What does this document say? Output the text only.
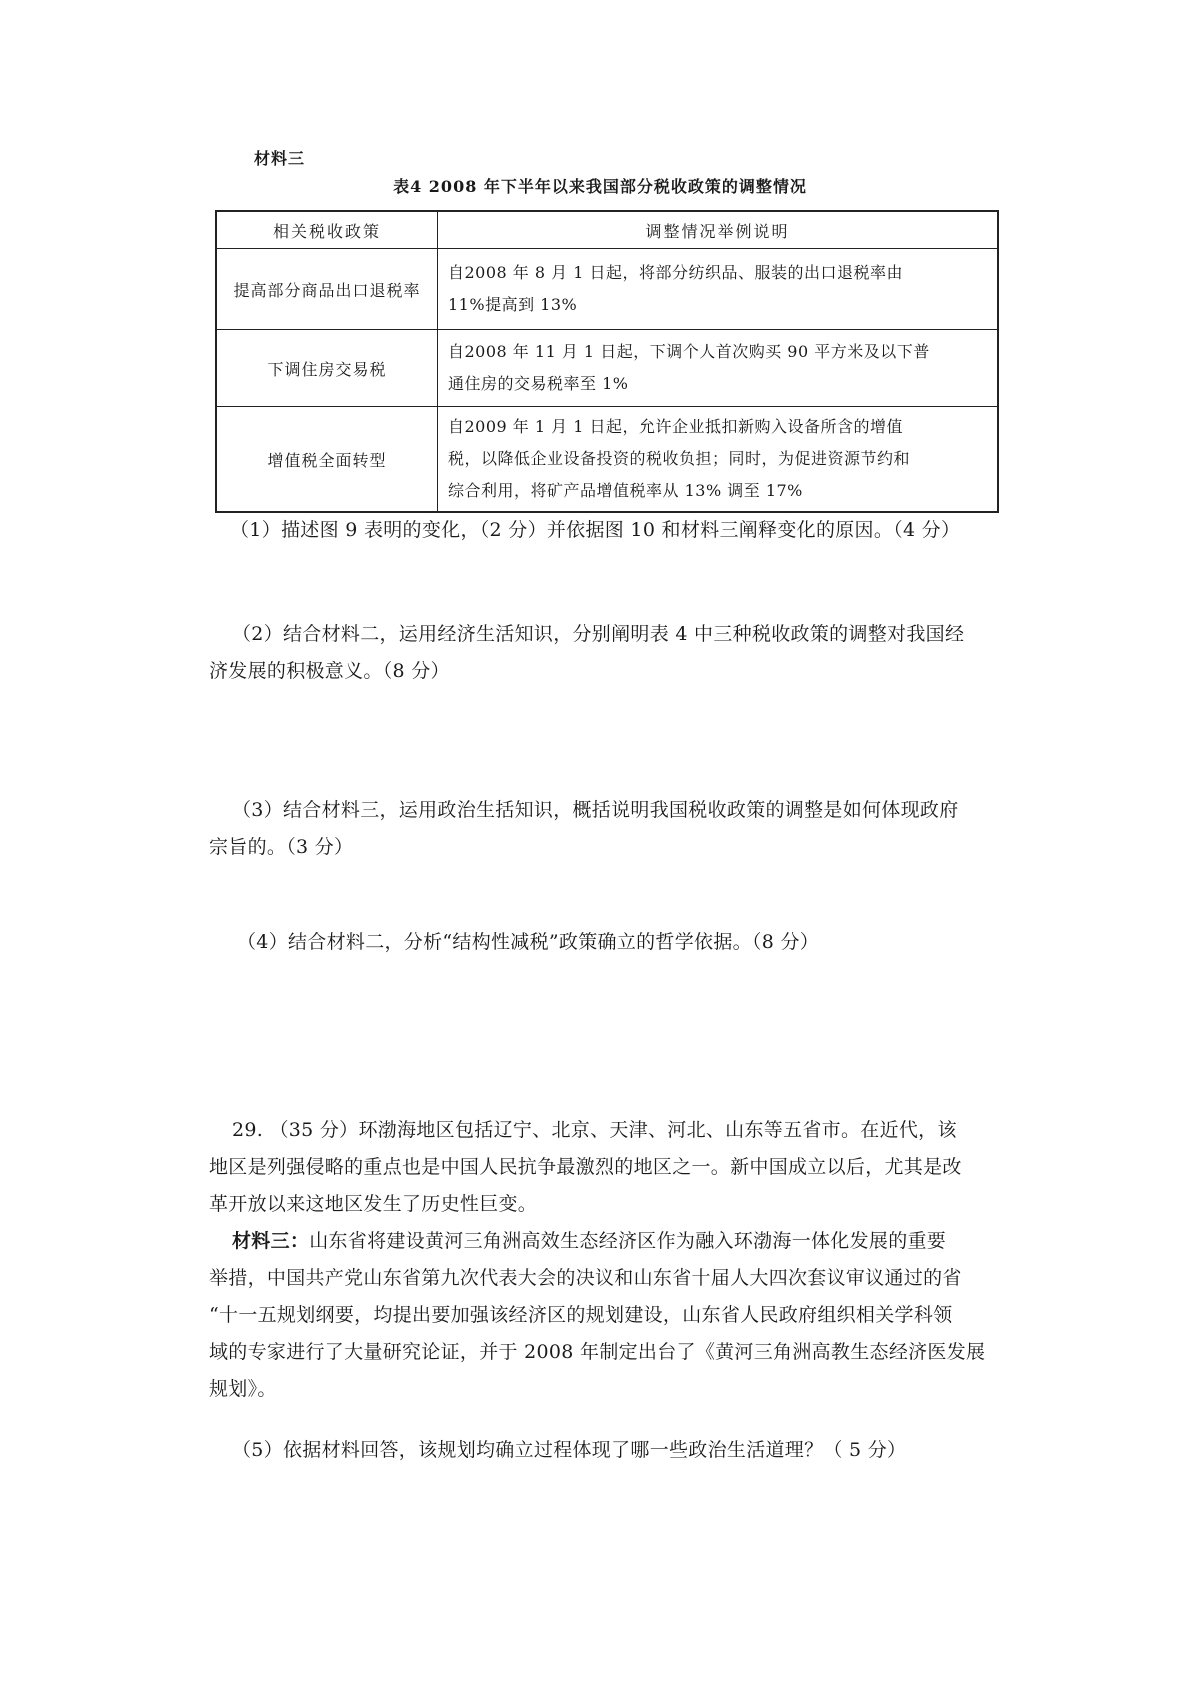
材料三
表4 2008 年下半年以来我国部分税收政策的调整情况
相关税收政策	调整情况举例说明
提高部分商品出口退税率	自2008 年 8 月 1 日起，将部分纺织品、服装的出口退税率由
11%提高到 13%

下调住房交易税	自2008 年 11 月 1 日起，下调个人首次购买 90 平方米及以下普
通住房的交易税率至 1%

增值税全面转型	自2009 年 1 月 1 日起，允许企业抵扣新购入设备所含的增值
税，以降低企业设备投资的税收负担；同时，为促进资源节约和
综合利用，将矿产品增值税率从 13% 调至 17%
（1）描述图 9 表明的变化，（2 分）并依据图 10 和材料三阐释变化的原因。（4 分）
（2）结合材料二，运用经济生活知识，分别阐明表 4 中三种税收政策的调整对我国经
济发展的积极意义。（8 分）
（3）结合材料三，运用政治生括知识，概括说明我国税收政策的调整是如何体现政府
宗旨的。（3 分）
（4）结合材料二，分析“结构性减税”政策确立的哲学依据。（8 分）
29. （35 分）环渤海地区包括辽宁、北京、天津、河北、山东等五省市。在近代，该
地区是列强侵略的重点也是中国人民抗争最激烈的地区之一。新中国成立以后，尤其是改
革开放以来这地区发生了历史性巨变。
材料三：山东省将建设黄河三角洲高效生态经济区作为融入环渤海一体化发展的重要
举措，中国共产党山东省第九次代表大会的决议和山东省十届人大四次套议审议通过的省
“十一五规划纲要，均提出要加强该经济区的规划建设，山东省人民政府组织相关学科领
域的专家进行了大量研究论证，并于 2008 年制定出台了《黄河三角洲高教生态经济医发展
规划》。
（5）依据材料回答，该规划均确立过程体现了哪一些政治生活道理？（ 5 分）
